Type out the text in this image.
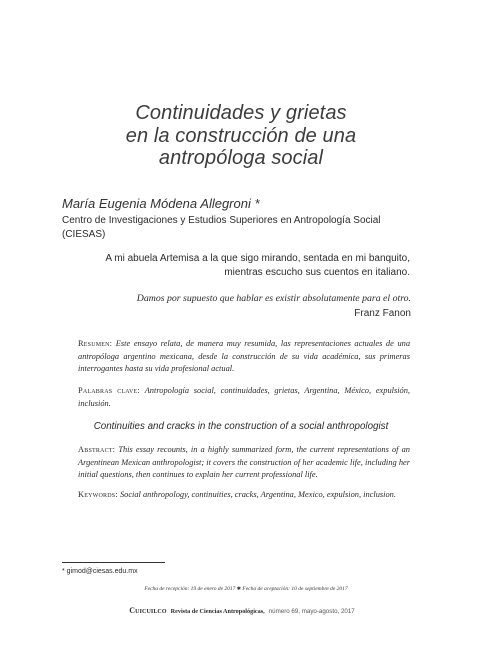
Continuidades y grietas
en la construcción de una
antropóloga social
María Eugenia Módena Allegroni *
Centro de Investigaciones y Estudios Superiores en Antropología Social
(CIESAS)
A mi abuela Artemisa a la que sigo mirando, sentada en mi banquito,
mientras escucho sus cuentos en italiano.
Damos por supuesto que hablar es existir absolutamente para el otro.
Franz Fanon

Resumen: Este ensayo relata, de manera muy resumida, las representaciones actuales de una antropóloga argentino mexicana, desde la construcción de su vida académica, sus primeras interrogantes hasta su vida profesional actual.

Palabras clave: Antropología social, continuidades, grietas, Argentina, México, expulsión, inclusión.

Continuities and cracks in the construction of a social anthropologist

Abstract: This essay recounts, in a highly summarized form, the current representations of an Argentinean Mexican anthropologist; it covers the construction of her academic life, including her initial questions, then continues to explain her current professional life.

Keywords: Social anthropology, continuities, cracks, Argentina, Mexico, expulsion, inclusion.

* gimod@ciesas.edu.mx
Fecha de recepción: 19 de enero de 2017 ✱ Fecha de aceptación: 10 de septiembre de 2017
Cuicuilco Revista de Ciencias Antropológicas, número 69, mayo-agosto, 2017
